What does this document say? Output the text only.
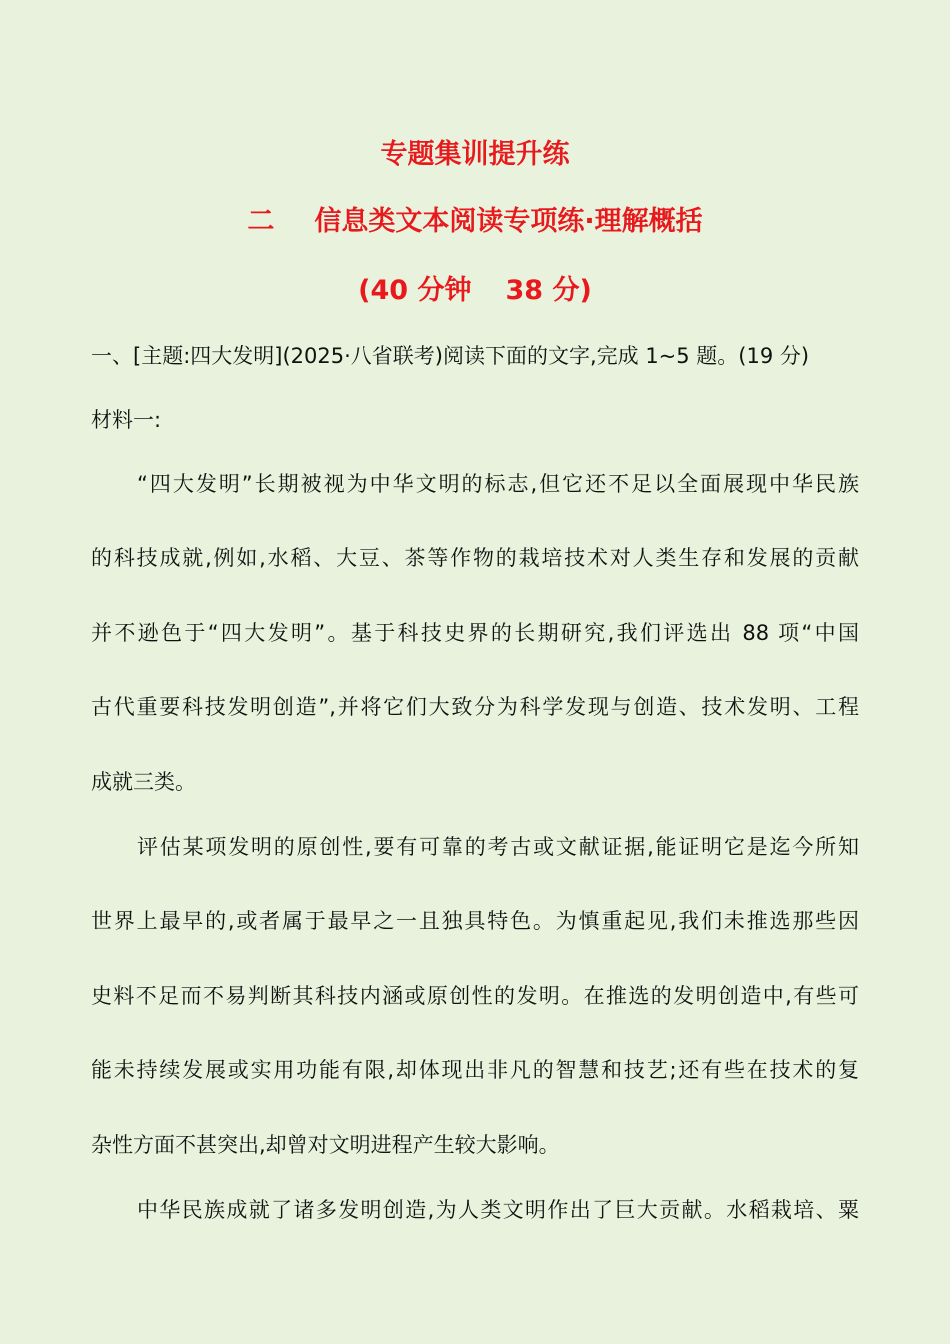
专题集训提升练
二 信息类文本阅读专项练·理解概括
(40 分钟 38 分)
一、[主题:四大发明](2025·八省联考)阅读下面的文字,完成 1~5 题。(19 分)
材料一:
“四大发明”长期被视为中华文明的标志,但它还不足以全面展现中华民族
的科技成就,例如,水稻、大豆、茶等作物的栽培技术对人类生存和发展的贡献
并不逊色于“四大发明”。基于科技史界的长期研究,我们评选出 88 项“中国
古代重要科技发明创造”,并将它们大致分为科学发现与创造、技术发明、工程
成就三类。
评估某项发明的原创性,要有可靠的考古或文献证据,能证明它是迄今所知
世界上最早的,或者属于最早之一且独具特色。为慎重起见,我们未推选那些因
史料不足而不易判断其科技内涵或原创性的发明。在推选的发明创造中,有些可
能未持续发展或实用功能有限,却体现出非凡的智慧和技艺;还有些在技术的复
杂性方面不甚突出,却曾对文明进程产生较大影响。
中华民族成就了诸多发明创造,为人类文明作出了巨大贡献。水稻栽培、粟
